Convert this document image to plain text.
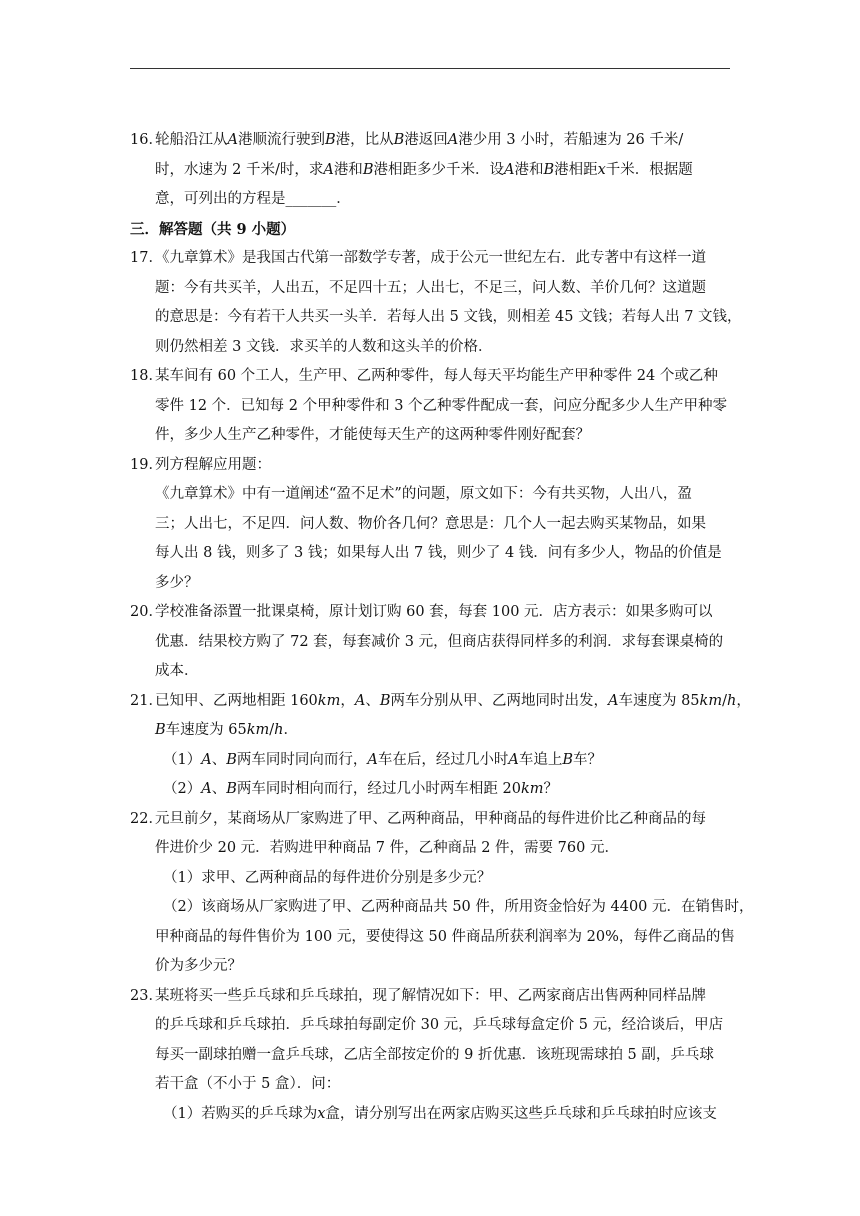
16．轮船沿江从A港顺流行驶到B港，比从B港返回A港少用 3 小时，若船速为 26 千米/

时，水速为 2 千米/时，求A港和B港相距多少千米．设A港和B港相距x千米．根据题

意，可列出的方程是_______．

三．解答题（共 9 小题）

17．《九章算术》是我国古代第一部数学专著，成于公元一世纪左右．此专著中有这样一道

题：今有共买羊，人出五，不足四十五；人出七，不足三，问人数、羊价几何？这道题

的意思是：今有若干人共买一头羊．若每人出 5 文钱，则相差 45 文钱；若每人出 7 文钱，

则仍然相差 3 文钱．求买羊的人数和这头羊的价格．

18．某车间有 60 个工人，生产甲、乙两种零件，每人每天平均能生产甲种零件 24 个或乙种

零件 12 个．已知每 2 个甲种零件和 3 个乙种零件配成一套，问应分配多少人生产甲种零

件，多少人生产乙种零件，才能使每天生产的这两种零件刚好配套？

19．列方程解应用题：

《九章算术》中有一道阐述“盈不足术”的问题，原文如下：今有共买物，人出八，盈

三；人出七，不足四．问人数、物价各几何？意思是：几个人一起去购买某物品，如果

每人出 8 钱，则多了 3 钱；如果每人出 7 钱，则少了 4 钱．问有多少人，物品的价值是

多少？

20．学校准备添置一批课桌椅，原计划订购 60 套，每套 100 元．店方表示：如果多购可以

优惠．结果校方购了 72 套，每套减价 3 元，但商店获得同样多的利润．求每套课桌椅的

成本．

21．已知甲、乙两地相距 160km，A、B两车分别从甲、乙两地同时出发，A车速度为 85km/h，

B车速度为 65km/h．

（1）A、B两车同时同向而行，A车在后，经过几小时A车追上B车？

（2）A、B两车同时相向而行，经过几小时两车相距 20km？

22．元旦前夕，某商场从厂家购进了甲、乙两种商品，甲种商品的每件进价比乙种商品的每

件进价少 20 元．若购进甲种商品 7 件，乙种商品 2 件，需要 760 元．

（1）求甲、乙两种商品的每件进价分别是多少元？

（2）该商场从厂家购进了甲、乙两种商品共 50 件，所用资金恰好为 4400 元．在销售时，

甲种商品的每件售价为 100 元，要使得这 50 件商品所获利润率为 20%，每件乙商品的售

价为多少元？

23．某班将买一些乒乓球和乒乓球拍，现了解情况如下：甲、乙两家商店出售两种同样品牌

的乒乓球和乒乓球拍．乒乓球拍每副定价 30 元，乒乓球每盒定价 5 元，经洽谈后，甲店

每买一副球拍赠一盒乒乓球，乙店全部按定价的 9 折优惠．该班现需球拍 5 副，乒乓球

若干盒（不小于 5 盒）．问：

（1）若购买的乒乓球为x盒，请分别写出在两家店购买这些乒乓球和乒乓球拍时应该支
